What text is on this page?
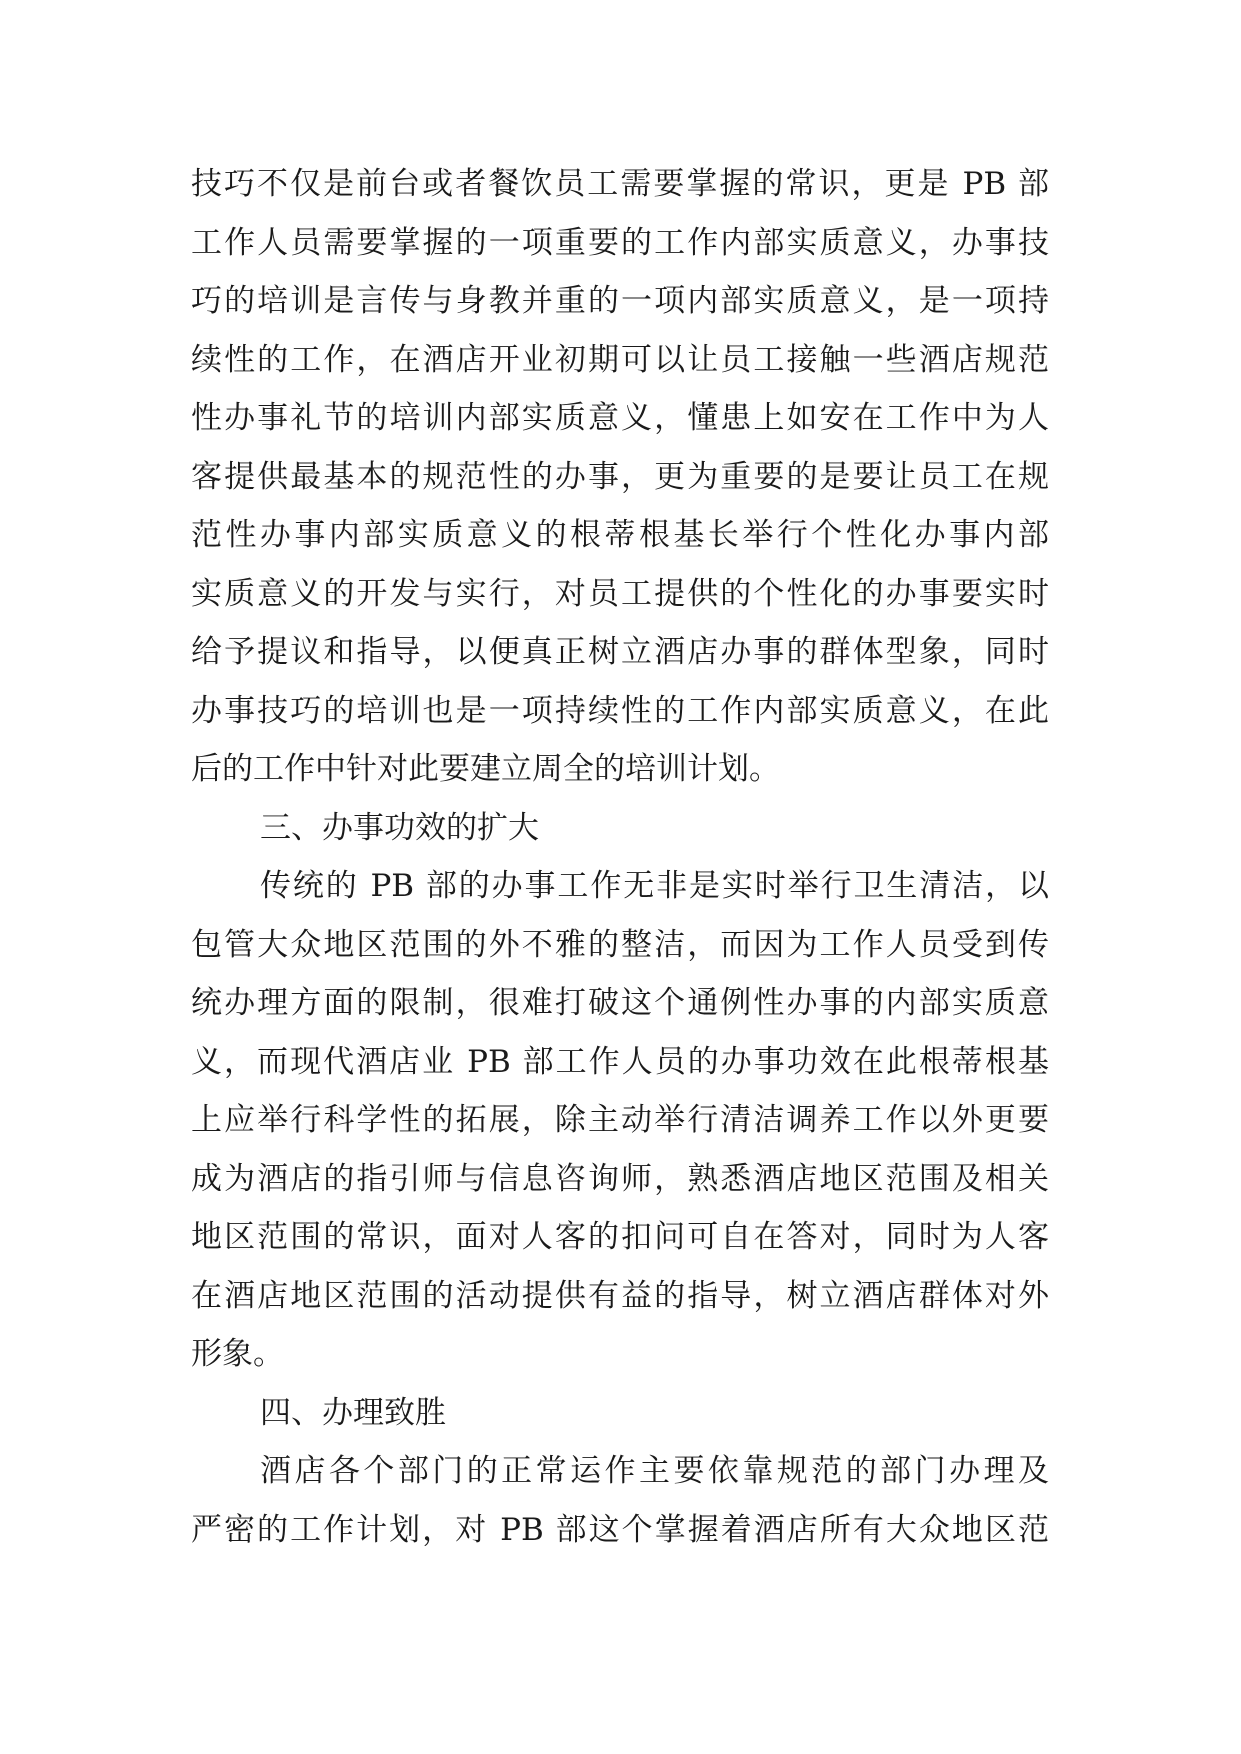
技巧不仅是前台或者餐饮员工需要掌握的常识，更是 PB 部
工作人员需要掌握的一项重要的工作内部实质意义，办事技
巧的培训是言传与身教并重的一项内部实质意义，是一项持
续性的工作，在酒店开业初期可以让员工接触一些酒店规范
性办事礼节的培训内部实质意义，懂患上如安在工作中为人
客提供最基本的规范性的办事，更为重要的是要让员工在规
范性办事内部实质意义的根蒂根基长举行个性化办事内部
实质意义的开发与实行，对员工提供的个性化的办事要实时
给予提议和指导，以便真正树立酒店办事的群体型象，同时
办事技巧的培训也是一项持续性的工作内部实质意义，在此
后的工作中针对此要建立周全的培训计划。
三、办事功效的扩大
传统的 PB 部的办事工作无非是实时举行卫生清洁，以
包管大众地区范围的外不雅的整洁，而因为工作人员受到传
统办理方面的限制，很难打破这个通例性办事的内部实质意
义，而现代酒店业 PB 部工作人员的办事功效在此根蒂根基
上应举行科学性的拓展，除主动举行清洁调养工作以外更要
成为酒店的指引师与信息咨询师，熟悉酒店地区范围及相关
地区范围的常识，面对人客的扣问可自在答对，同时为人客
在酒店地区范围的活动提供有益的指导，树立酒店群体对外
形象。
四、办理致胜
酒店各个部门的正常运作主要依靠规范的部门办理及
严密的工作计划，对 PB 部这个掌握着酒店所有大众地区范
